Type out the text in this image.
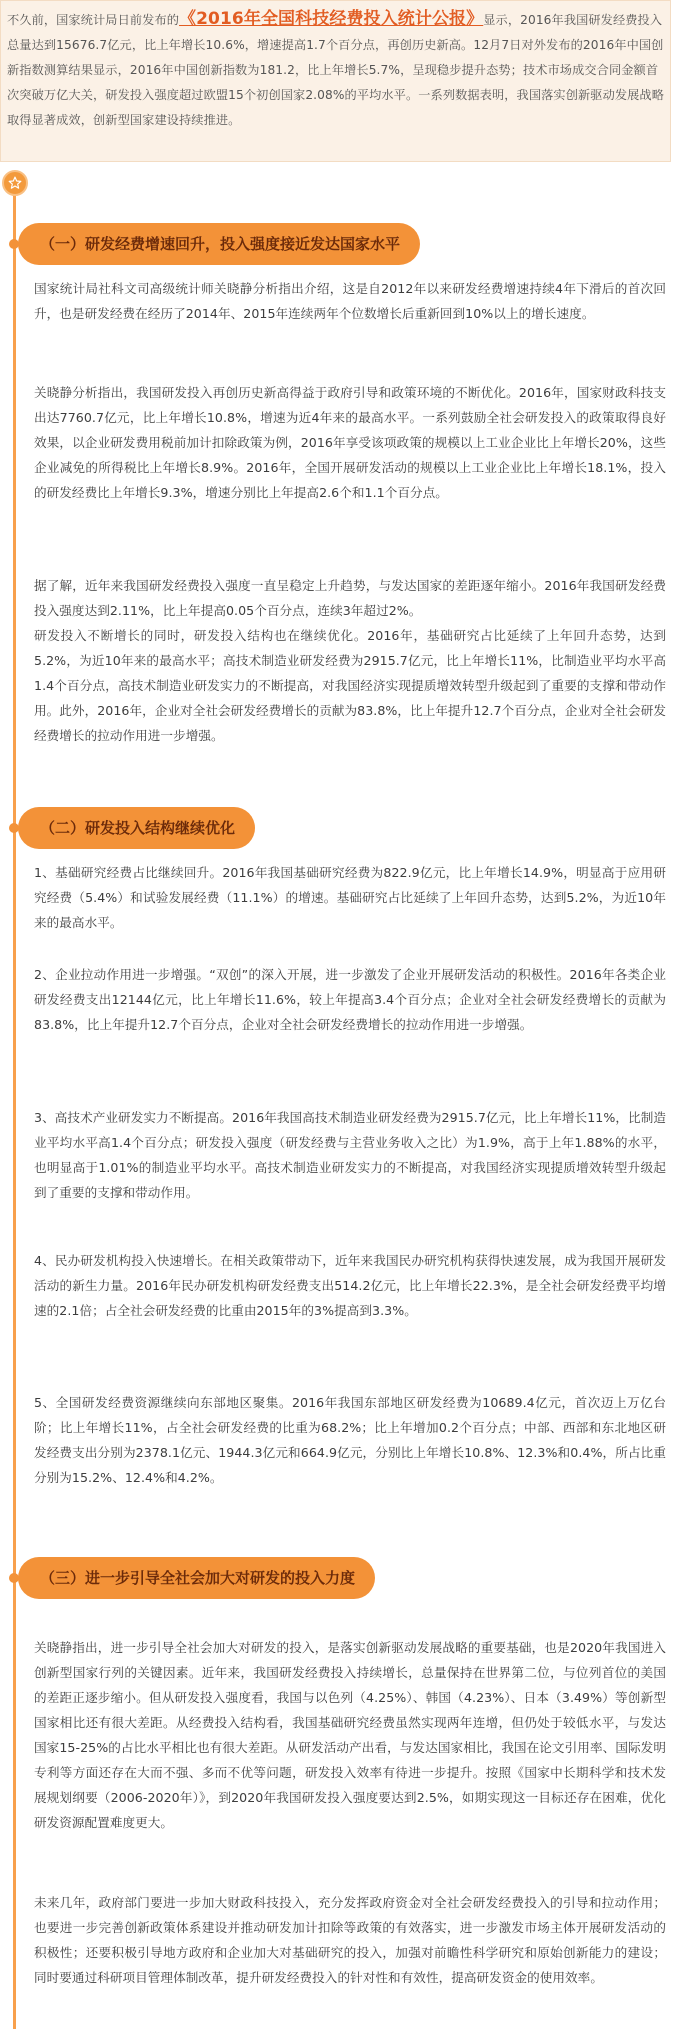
不久前，国家统计局日前发布的《2016年全国科技经费投入统计公报》显示，2016年我国研发经费投入总量达到15676.7亿元，比上年增长10.6%，增速提高1.7个百分点，再创历史新高。12月7日对外发布的2016年中国创新指数测算结果显示，2016年中国创新指数为181.2，比上年增长5.7%，呈现稳步提升态势；技术市场成交合同金额首次突破万亿大关，研发投入强度超过欧盟15个初创国家2.08%的平均水平。一系列数据表明，我国落实创新驱动发展战略取得显著成效，创新型国家建设持续推进。
（一）研发经费增速回升，投入强度接近发达国家水平

国家统计局社科文司高级统计师关晓静分析指出介绍，这是自2012年以来研发经费增速持续4年下滑后的首次回升，也是研发经费在经历了2014年、2015年连续两年个位数增长后重新回到10%以上的增长速度。

关晓静分析指出，我国研发投入再创历史新高得益于政府引导和政策环境的不断优化。2016年，国家财政科技支出达7760.7亿元，比上年增长10.8%，增速为近4年来的最高水平。一系列鼓励全社会研发投入的政策取得良好效果，以企业研发费用税前加计扣除政策为例，2016年享受该项政策的规模以上工业企业比上年增长20%，这些企业减免的所得税比上年增长8.9%。2016年，全国开展研发活动的规模以上工业企业比上年增长18.1%，投入的研发经费比上年增长9.3%，增速分别比上年提高2.6个和1.1个百分点。

据了解，近年来我国研发经费投入强度一直呈稳定上升趋势，与发达国家的差距逐年缩小。2016年我国研发经费投入强度达到2.11%，比上年提高0.05个百分点，连续3年超过2%。

研发投入不断增长的同时，研发投入结构也在继续优化。2016年，基础研究占比延续了上年回升态势，达到5.2%，为近10年来的最高水平；高技术制造业研发经费为2915.7亿元，比上年增长11%，比制造业平均水平高1.4个百分点，高技术制造业研发实力的不断提高，对我国经济实现提质增效转型升级起到了重要的支撑和带动作用。此外，2016年，企业对全社会研发经费增长的贡献为83.8%，比上年提升12.7个百分点，企业对全社会研发经费增长的拉动作用进一步增强。

（二）研发投入结构继续优化

1、基础研究经费占比继续回升。2016年我国基础研究经费为822.9亿元，比上年增长14.9%，明显高于应用研究经费（5.4%）和试验发展经费（11.1%）的增速。基础研究占比延续了上年回升态势，达到5.2%，为近10年来的最高水平。

2、企业拉动作用进一步增强。“双创”的深入开展，进一步激发了企业开展研发活动的积极性。2016年各类企业研发经费支出12144亿元，比上年增长11.6%，较上年提高3.4个百分点；企业对全社会研发经费增长的贡献为83.8%，比上年提升12.7个百分点，企业对全社会研发经费增长的拉动作用进一步增强。

3、高技术产业研发实力不断提高。2016年我国高技术制造业研发经费为2915.7亿元，比上年增长11%，比制造业平均水平高1.4个百分点；研发投入强度（研发经费与主营业务收入之比）为1.9%，高于上年1.88%的水平，也明显高于1.01%的制造业平均水平。高技术制造业研发实力的不断提高，对我国经济实现提质增效转型升级起到了重要的支撑和带动作用。

4、民办研发机构投入快速增长。在相关政策带动下，近年来我国民办研究机构获得快速发展，成为我国开展研发活动的新生力量。2016年民办研发机构研发经费支出514.2亿元，比上年增长22.3%，是全社会研发经费平均增速的2.1倍；占全社会研发经费的比重由2015年的3%提高到3.3%。

5、全国研发经费资源继续向东部地区聚集。2016年我国东部地区研发经费为10689.4亿元，首次迈上万亿台阶；比上年增长11%，占全社会研发经费的比重为68.2%；比上年增加0.2个百分点；中部、西部和东北地区研发经费支出分别为2378.1亿元、1944.3亿元和664.9亿元，分别比上年增长10.8%、12.3%和0.4%，所占比重分别为15.2%、12.4%和4.2%。

（三）进一步引导全社会加大对研发的投入力度

关晓静指出，进一步引导全社会加大对研发的投入，是落实创新驱动发展战略的重要基础，也是2020年我国进入创新型国家行列的关键因素。近年来，我国研发经费投入持续增长，总量保持在世界第二位，与位列首位的美国的差距正逐步缩小。但从研发投入强度看，我国与以色列（4.25%）、韩国（4.23%）、日本（3.49%）等创新型国家相比还有很大差距。从经费投入结构看，我国基础研究经费虽然实现两年连增，但仍处于较低水平，与发达国家15-25%的占比水平相比也有很大差距。从研发活动产出看，与发达国家相比，我国在论文引用率、国际发明专利等方面还存在大而不强、多而不优等问题，研发投入效率有待进一步提升。按照《国家中长期科学和技术发展规划纲要（2006-2020年）》，到2020年我国研发投入强度要达到2.5%，如期实现这一目标还存在困难，优化研发资源配置难度更大。

未来几年，政府部门要进一步加大财政科技投入，充分发挥政府资金对全社会研发经费投入的引导和拉动作用；也要进一步完善创新政策体系建设并推动研发加计扣除等政策的有效落实，进一步激发市场主体开展研发活动的积极性；还要积极引导地方政府和企业加大对基础研究的投入，加强对前瞻性科学研究和原始创新能力的建设；同时要通过科研项目管理体制改革，提升研发经费投入的针对性和有效性，提高研发资金的使用效率。
